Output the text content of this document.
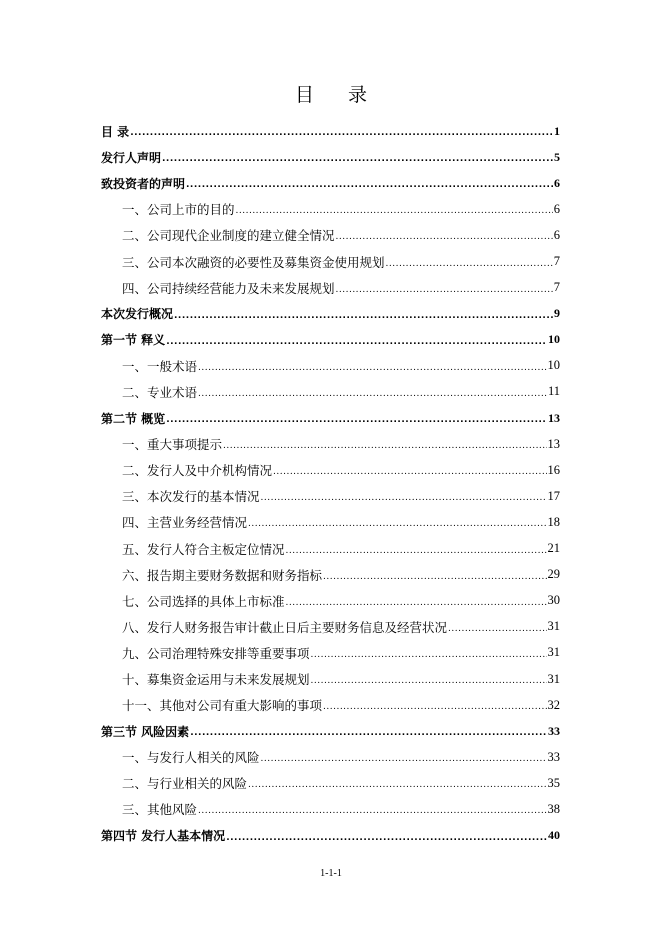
目 录
目 录 .....	1
发行人声明 .....	5
致投资者的声明 .....	6
一、公司上市的目的 .....	6
二、公司现代企业制度的建立健全情况 .....	6
三、公司本次融资的必要性及募集资金使用规划 .....	7
四、公司持续经营能力及未来发展规划 .....	7
本次发行概况 .....	9
第一节 释义 .....	10
一、一般术语 .....	10
二、专业术语 .....	11
第二节 概览 .....	13
一、重大事项提示 .....	13
二、发行人及中介机构情况 .....	16
三、本次发行的基本情况 .....	17
四、主营业务经营情况 .....	18
五、发行人符合主板定位情况 .....	21
六、报告期主要财务数据和财务指标 .....	29
七、公司选择的具体上市标准 .....	30
八、发行人财务报告审计截止日后主要财务信息及经营状况 .....	31
九、公司治理特殊安排等重要事项 .....	31
十、募集资金运用与未来发展规划 .....	31
十一、其他对公司有重大影响的事项 .....	32
第三节 风险因素 .....	33
一、与发行人相关的风险 .....	33
二、与行业相关的风险 .....	35
三、其他风险 .....	38
第四节 发行人基本情况 .....	40
1-1-1
